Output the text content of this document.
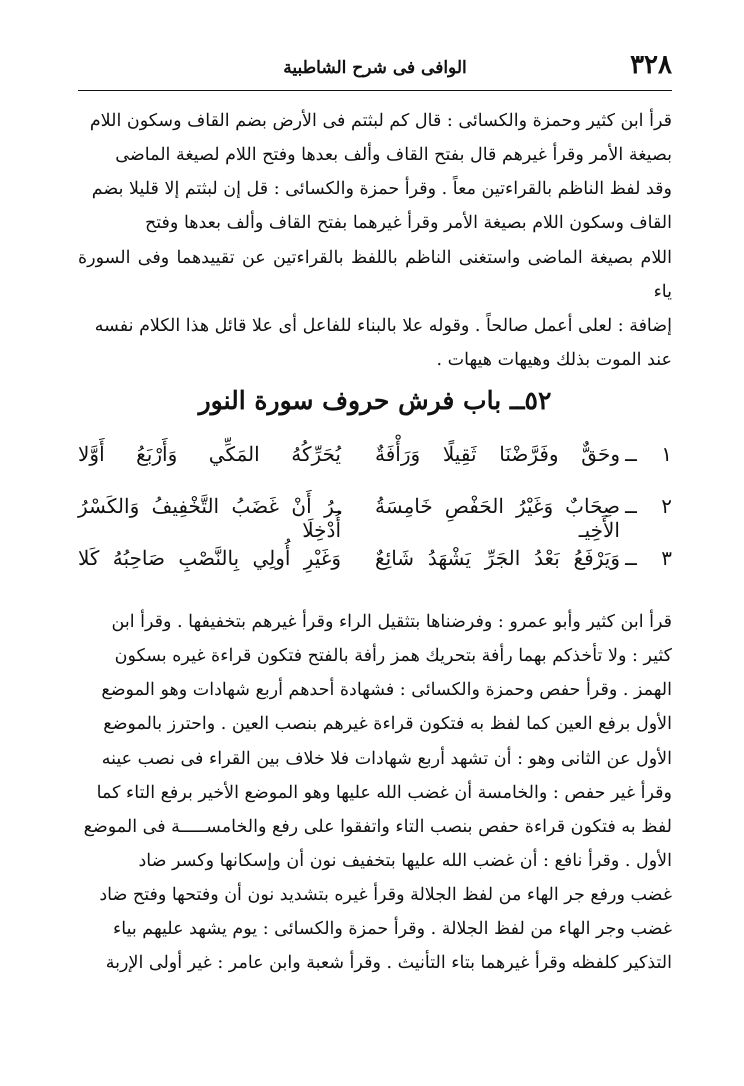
٣٢٨
الوافى فى شرح الشاطبية

قرأ ابن كثير وحمزة والكسائى : قال كم لبثتم فى الأرض بضم القاف وسكون اللام

بصيغة الأمر وقرأ غيرهم قال بفتح القاف وألف بعدها وفتح اللام لصيغة الماضى

وقد لفظ الناظم بالقراءتين معاً . وقرأ حمزة والكسائى : قل إن لبثتم إلا قليلا بضم

القاف وسكون اللام بصيغة الأمر وقرأ غيرهما بفتح القاف وألف بعدها وفتح

اللام بصيغة الماضى واستغنى الناظم باللفظ بالقراءتين عن تقييدهما وفى السورة ياء

إضافة : لعلى أعمل صالحاً . وقوله علا بالبناء للفاعل أى علا قائل هذا الكلام نفسه

عند الموت بذلك وهيهات هيهات .

٥٢ــ باب فرش حروف سورة النور
١
ــ
وحَقٌّ وفَرَّضْنَا ثَقِيلًا وَرَأْفَةٌ
يُحَرِّكُهُ المَكِّي وَأَرْبَعُ أَوَّلا
٢
ــ
صِحَابٌ وَغَيْرُ الحَفْصِ خَامِسَةُ الأَخِيـ
ـرُ أَنْ غَضَبُ التَّخْفِيفُ وَالكَسْرُ أُدْخِلَا
٣
ــ
وَيَرْفَعُ بَعْدُ الجَرِّ يَشْهَدُ شَائِعٌ
وَغَيْرِ أُولِي بِالنَّصْبِ صَاحِبُهُ كَلا

قرأ ابن كثير وأبو عمرو : وفرضناها بتثقيل الراء وقرأ غيرهم بتخفيفها . وقرأ ابن

كثير : ولا تأخذكم بهما رأفة بتحريك همز رأفة بالفتح فتكون قراءة غيره بسكون

الهمز . وقرأ حفص وحمزة والكسائى : فشهادة أحدهم أربع شهادات وهو الموضع

الأول برفع العين كما لفظ به فتكون قراءة غيرهم بنصب العين . واحترز بالموضع

الأول عن الثانى وهو : أن تشهد أربع شهادات فلا خلاف بين القراء فى نصب عينه

وقرأ غير حفص : والخامسة أن غضب الله عليها وهو الموضع الأخير برفع التاء كما

لفظ به فتكون قراءة حفص بنصب التاء واتفقوا على رفع والخامســـــة فى الموضع

الأول . وقرأ نافع : أن غضب الله عليها بتخفيف نون أن وإسكانها وكسر ضاد

غضب ورفع جر الهاء من لفظ الجلالة وقرأ غيره بتشديد نون أن وفتحها وفتح ضاد

غضب وجر الهاء من لفظ الجلالة . وقرأ حمزة والكسائى : يوم يشهد عليهم بياء

التذكير كلفظه وقرأ غيرهما بتاء التأنيث . وقرأ شعبة وابن عامر : غير أولى الإربة
